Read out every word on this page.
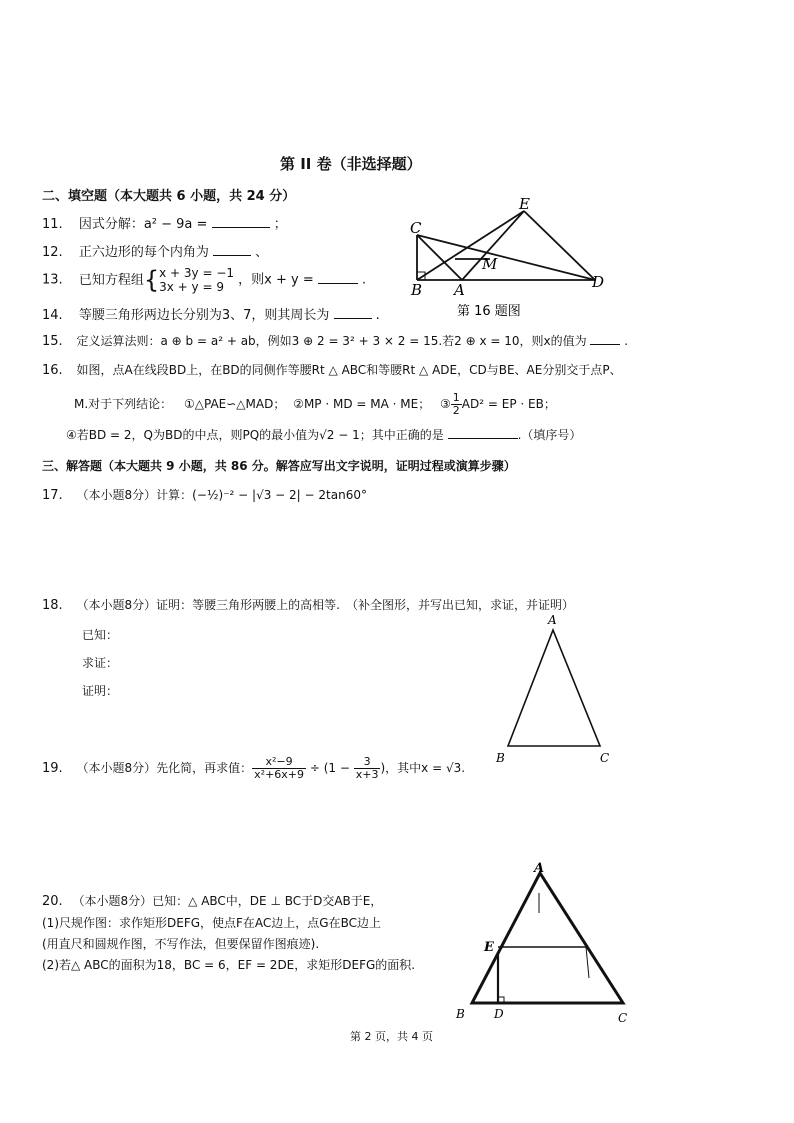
第 II 卷（非选择题）
二、填空题（本大题共 6 小题，共 24 分）
11. 因式分解：a² − 9a =	；
12. 正六边形的每个内角为	、
13. 已知方程组{ x + 3y = −1
3x + y = 9	，则x + y =	.
14. 等腰三角形两边长分别为3、7，则其周长为	.
C
E
M
B A	D
第 16 题图
15. 定义运算法则：a ⊕ b = a² + ab，例如3 ⊕ 2 = 3² + 3 × 2 = 15.若2 ⊕ x = 10，则x的值为	.
16. 如图，点A在线段BD上，在BD的同侧作等腰Rt △ ABC和等腰Rt △ ADE，CD与BE、AE分别交于点P、
M.对于下列结论： ①△PAE∽△MAD； ②MP · MD = MA · ME； ③ $\frac{1}{2} AD^2$ = EP · EB；
④若BD = 2，Q为BD的中点，则PQ的最小值为√2 − 1；其中正确的是	.（填序号）
三、解答题（本大题共 9 小题，共 86 分。解答应写出文字说明，证明过程或演算步骤）
17. （本小题8分）计算：(−½)⁻² − |√3 − 2| − 2tan60°
18. （本小题8分）证明：等腰三角形两腰上的高相等.　（补全图形，并写出已知，求证，并证明）
已知：
求证：
证明：
A
B	C
19. （本小题8分）先化简，再求值： $\frac{\text{x²−9}}{\text{x²+6x+9}} \div (1 - \frac{3}{x+3}$ )，其中x = √3.
20. （本小题8分）已知：△ ABC中，DE ⊥ BC于D交AB于E，
(1)尺规作图：求作矩形DEFG，使点F在AC边上，点G在BC边上
(用直尺和圆规作图，不写作法，但要保留作图痕迹).
(2)若△ ABC的面积为18，BC = 6，EF = 2DE，求矩形DEFG的面积.
A
E
B D	C
第 2 页，共 4 页
